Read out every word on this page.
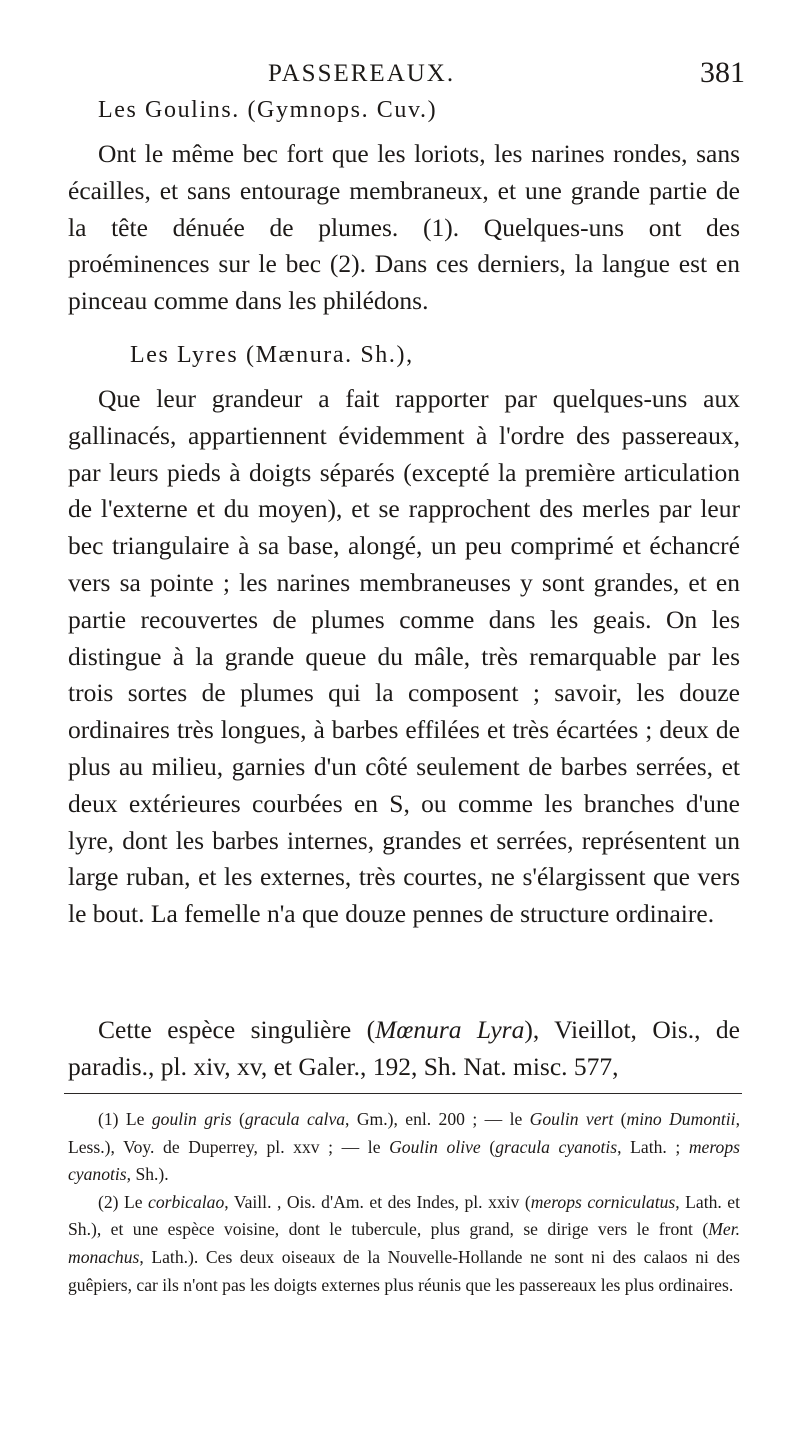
PASSEREAUX.	381
Les Goulins. (Gymnops. Cuv.)

Ont le même bec fort que les loriots, les narines rondes, sans écailles, et sans entourage membraneux, et une grande partie de la tête dénuée de plumes. (1). Quelques-uns ont des proéminences sur le bec (2). Dans ces derniers, la langue est en pinceau comme dans les philédons.

Les Lyres (Mænura. Sh.),

Que leur grandeur a fait rapporter par quelques-uns aux gallinacés, appartiennent évidemment à l'ordre des passereaux, par leurs pieds à doigts séparés (excepté la première articulation de l'externe et du moyen), et se rapprochent des merles par leur bec triangulaire à sa base, alongé, un peu comprimé et échancré vers sa pointe ; les narines membraneuses y sont grandes, et en partie recouvertes de plumes comme dans les geais. On les distingue à la grande queue du mâle, très remarquable par les trois sortes de plumes qui la composent ; savoir, les douze ordinaires très longues, à barbes effilées et très écartées ; deux de plus au milieu, garnies d'un côté seulement de barbes serrées, et deux extérieures courbées en S, ou comme les branches d'une lyre, dont les barbes internes, grandes et serrées, représentent un large ruban, et les externes, très courtes, ne s'élargissent que vers le bout. La femelle n'a que douze pennes de structure ordinaire.

Cette espèce singulière (Mœnura Lyra), Vieillot, Ois., de paradis., pl. xiv, xv, et Galer., 192, Sh. Nat. misc. 577,

(1) Le goulin gris (gracula calva, Gm.), enl. 200 ; — le Goulin vert (mino Dumontii, Less.), Voy. de Duperrey, pl. xxv ; — le Goulin olive (gracula cyanotis, Lath. ; merops cyanotis, Sh.).

(2) Le corbicalao, Vaill. , Ois. d'Am. et des Indes, pl. xxiv (merops corniculatus, Lath. et Sh.), et une espèce voisine, dont le tubercule, plus grand, se dirige vers le front (Mer. monachus, Lath.). Ces deux oiseaux de la Nouvelle-Hollande ne sont ni des calaos ni des guêpiers, car ils n'ont pas les doigts externes plus réunis que les passereaux les plus ordinaires.
